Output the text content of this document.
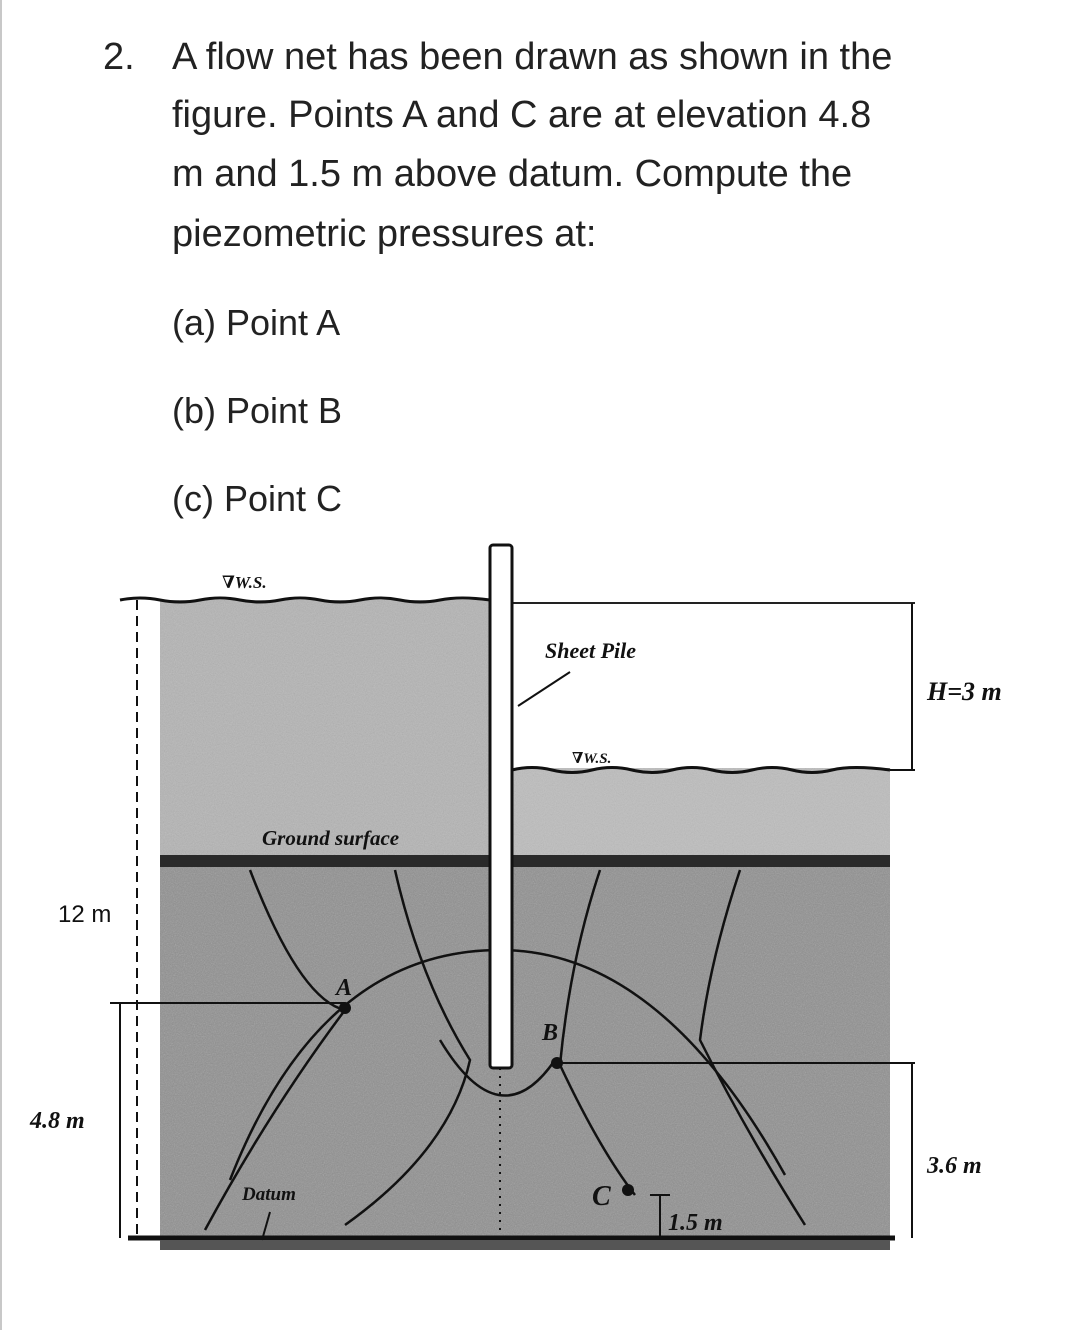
2. A flow net has been drawn as shown in the
figure. Points A and C are at elevation 4.8
m and 1.5 m above datum. Compute the
piezometric pressures at:
(a) Point A
(b) Point B
(c) Point C
∇W.S.
∇W.S.
Sheet Pile
Ground surface
H=3 m
12 m
4.8 m
3.6 m
1.5 m
Datum
A
B
C
